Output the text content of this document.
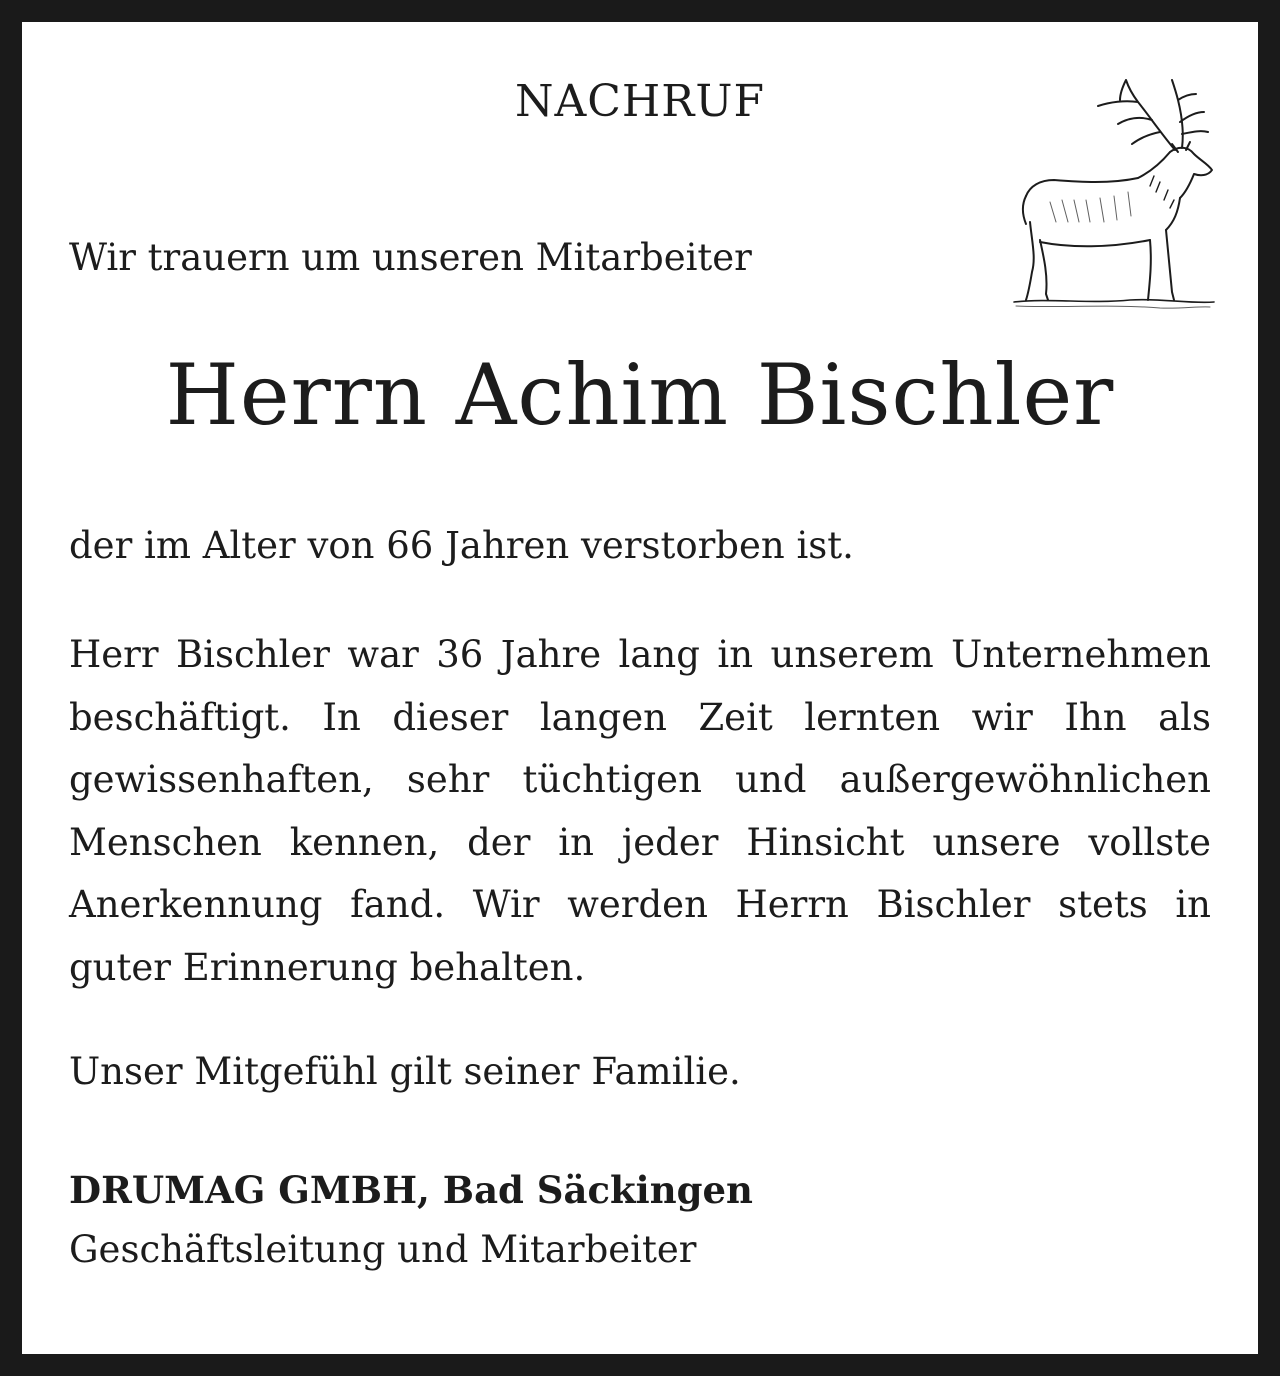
NACHRUF
Wir trauern um unseren Mitarbeiter
Herrn Achim Bischler
der im Alter von 66 Jahren verstorben ist.
Herr Bischler war 36 Jahre lang in unserem Unternehmen beschäftigt. In dieser langen Zeit lernten wir Ihn als gewissenhaften, sehr tüchtigen und außergewöhnlichen Menschen kennen, der in jeder Hinsicht unsere vollste Anerkennung fand. Wir werden Herrn Bischler stets in guter Erinnerung behalten.
Unser Mitgefühl gilt seiner Familie.
DRUMAG GMBH, Bad Säckingen
Geschäftsleitung und Mitarbeiter
